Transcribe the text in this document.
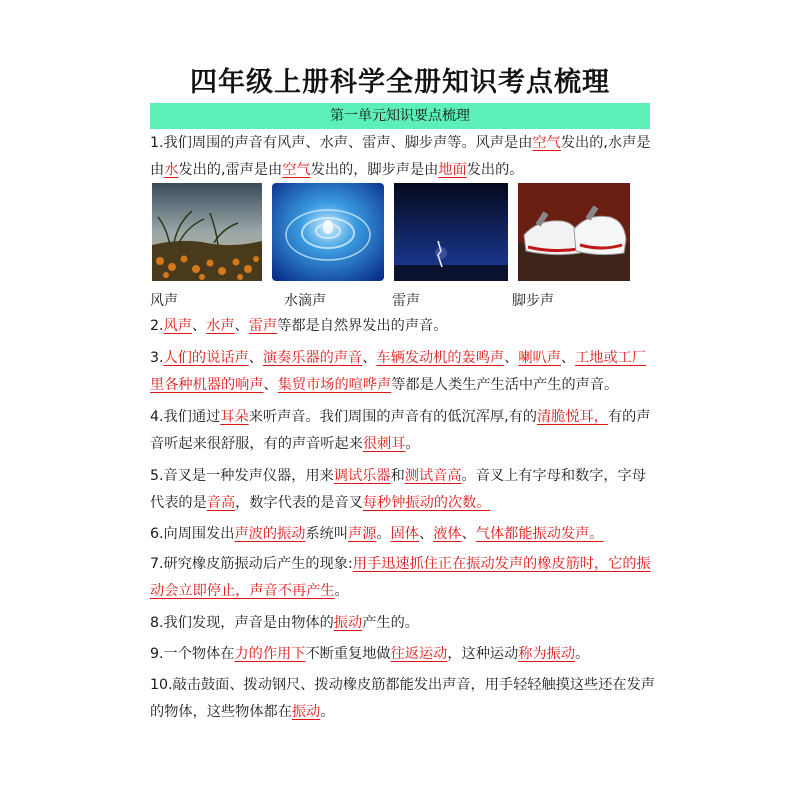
四年级上册科学全册知识考点梳理
第一单元知识要点梳理
1.我们周围的声音有风声、水声、雷声、脚步声等。风声是由空气发出的,水声是由水发出的,雷声是由空气发出的，脚步声是由地面发出的。
风声	水滴声	雷声	脚步声
2.风声、水声、雷声等都是自然界发出的声音。
3.人们的说话声、演奏乐器的声音、车辆发动机的轰鸣声、喇叭声、工地或工厂里各种机器的响声、集贸市场的喧哗声等都是人类生产生活中产生的声音。
4.我们通过耳朵来听声音。我们周围的声音有的低沉浑厚,有的清脆悦耳，有的声音听起来很舒服，有的声音听起来很刺耳。
5.音叉是一种发声仪器，用来调试乐器和测试音高。音叉上有字母和数字，字母代表的是音高，数字代表的是音叉每秒钟振动的次数。
6.向周围发出声波的振动系统叫声源。固体、液体、气体都能振动发声。
7.研究橡皮筋振动后产生的现象:用手迅速抓住正在振动发声的橡皮筋时，它的振动会立即停止，声音不再产生。
8.我们发现，声音是由物体的振动产生的。
9.一个物体在力的作用下不断重复地做往返运动，这种运动称为振动。
10.敲击鼓面、拨动钢尺、拨动橡皮筋都能发出声音，用手轻轻触摸这些还在发声的物体，这些物体都在振动。
